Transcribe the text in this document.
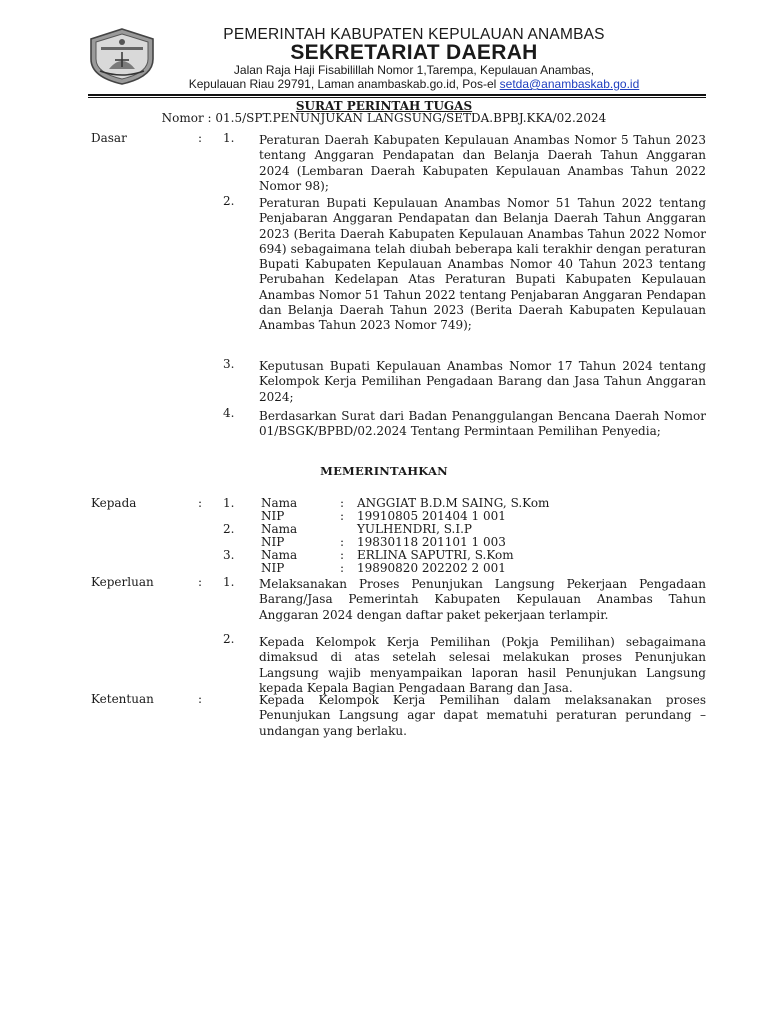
PEMERINTAH KABUPATEN KEPULAUAN ANAMBAS
SEKRETARIAT DAERAH
Jalan Raja Haji Fisabilillah Nomor 1,Tarempa, Kepulauan Anambas,
Kepulauan Riau 29791, Laman anambaskab.go.id, Pos-el setda@anambaskab.go.id
SURAT PERINTAH TUGAS
Nomor : 01.5/SPT.PENUNJUKAN LANGSUNG/SETDA.BPBJ.KKA/02.2024
Dasar	: 1. Peraturan Daerah Kabupaten Kepulauan Anambas Nomor 5 Tahun 2023 tentang Anggaran Pendapatan dan Belanja Daerah Tahun Anggaran 2024 (Lembaran Daerah Kabupaten Kepulauan Anambas Tahun 2022 Nomor 98);
2. Peraturan Bupati Kepulauan Anambas Nomor 51 Tahun 2022 tentang Penjabaran Anggaran Pendapatan dan Belanja Daerah Tahun Anggaran 2023 (Berita Daerah Kabupaten Kepulauan Anambas Tahun 2022 Nomor 694) sebagaimana telah diubah beberapa kali terakhir dengan peraturan Bupati Kabupaten Kepulauan Anambas Nomor 40 Tahun 2023 tentang Perubahan Kedelapan Atas Peraturan Bupati Kabupaten Kepulauan Anambas Nomor 51 Tahun 2022 tentang Penjabaran Anggaran Pendapan dan Belanja Daerah Tahun 2023 (Berita Daerah Kabupaten Kepulauan Anambas Tahun 2023 Nomor 749);
3. Keputusan Bupati Kepulauan Anambas Nomor 17 Tahun 2024 tentang Kelompok Kerja Pemilihan Pengadaan Barang dan Jasa Tahun Anggaran 2024;
4. Berdasarkan Surat dari Badan Penanggulangan Bencana Daerah Nomor 01/BSGK/BPBD/02.2024 Tentang Permintaan Pemilihan Penyedia;
MEMERINTAHKAN
Kepada	: 1. Nama	: ANGGIAT B.D.M SAING, S.Kom
NIP	: 19910805 201404 1 001
2. Nama	YULHENDRI, S.I.P
NIP	: 19830118 201101 1 003
3. Nama	: ERLINA SAPUTRI, S.Kom
NIP	: 19890820 202202 2 001
Keperluan	: 1. Melaksanakan Proses Penunjukan Langsung Pekerjaan Pengadaan Barang/Jasa Pemerintah Kabupaten Kepulauan Anambas Tahun Anggaran 2024 dengan daftar paket pekerjaan terlampir.
2. Kepada Kelompok Kerja Pemilihan (Pokja Pemilihan) sebagaimana dimaksud di atas setelah selesai melakukan proses Penunjukan Langsung wajib menyampaikan laporan hasil Penunjukan Langsung kepada Kepala Bagian Pengadaan Barang dan Jasa.
Ketentuan	:	Kepada Kelompok Kerja Pemilihan dalam melaksanakan proses Penunjukan Langsung agar dapat mematuhi peraturan perundang – undangan yang berlaku.
